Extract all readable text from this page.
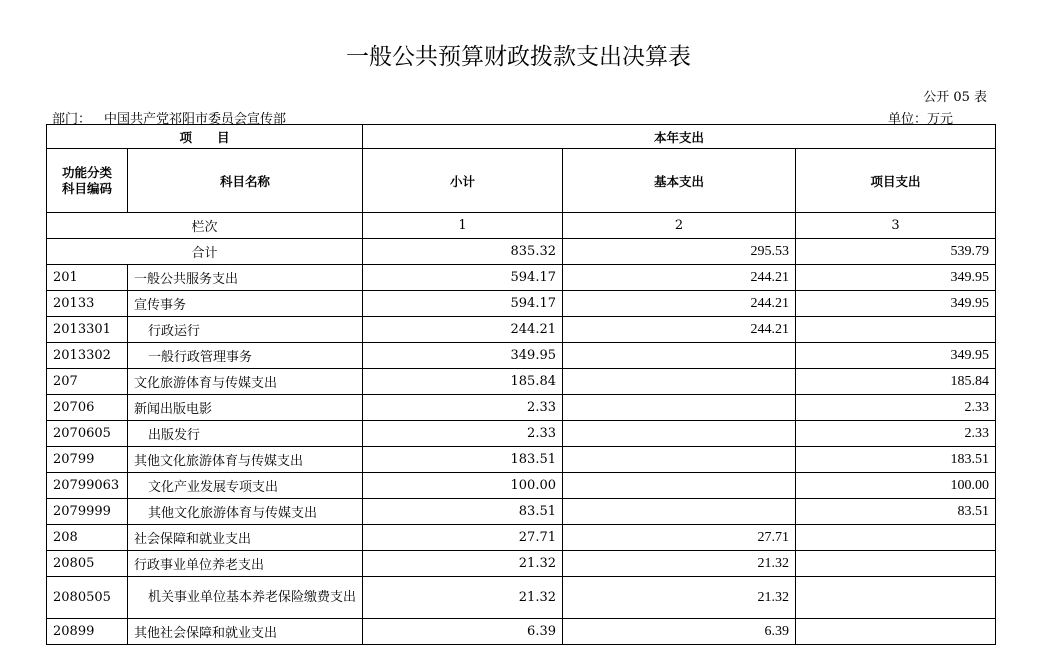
一般公共预算财政拨款支出决算表
公开 05 表
部门： 中国共产党祁阳市委员会宣传部	单位：万元
项　　目		本年支出		

功能分类
科目编码	科目名称	小计	基本支出	项目支出
栏次		1	2	3
合计		835.32	295.53	539.79
201	一般公共服务支出	594.17	244.21	349.95
20133	宣传事务	594.17	244.21	349.95
2013301	行政运行	244.21	244.21	
2013302	一般行政管理事务	349.95		349.95
207	文化旅游体育与传媒支出	185.84		185.84
20706	新闻出版电影	2.33		2.33
2070605	出版发行	2.33		2.33
20799	其他文化旅游体育与传媒支出	183.51		183.51
20799063	文化产业发展专项支出	100.00		100.00
2079999	其他文化旅游体育与传媒支出	83.51		83.51
208	社会保障和就业支出	27.71	27.71	
20805	行政事业单位养老支出	21.32	21.32	
2080505	机关事业单位基本养老保险缴费支出	21.32	21.32	
20899	其他社会保障和就业支出	6.39	6.39	
